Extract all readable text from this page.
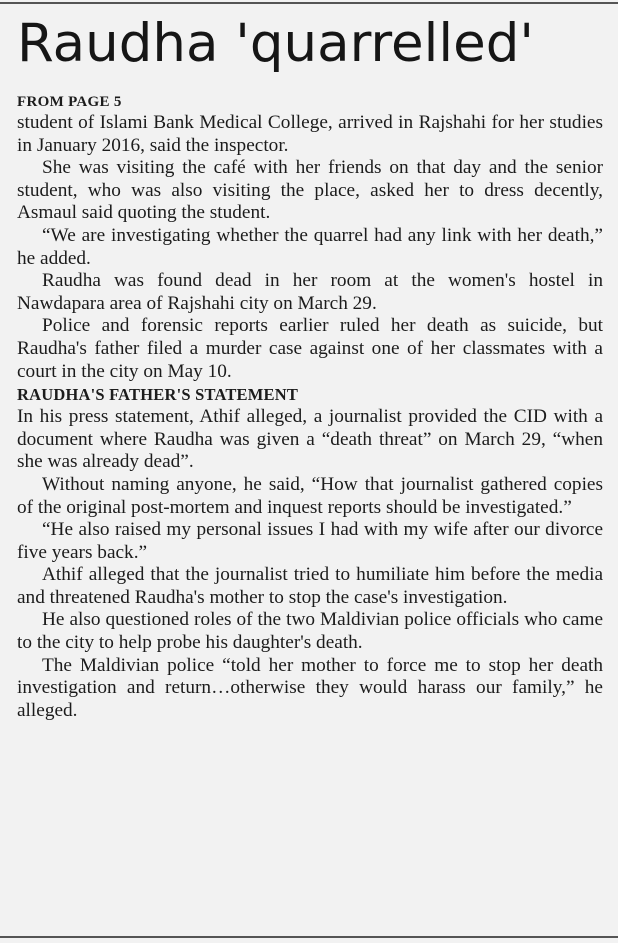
Raudha 'quarrelled'

FROM PAGE 5

student of Islami Bank Medical College, arrived in Rajshahi for her studies in January 2016, said the inspector.

She was visiting the café with her friends on that day and the senior student, who was also visiting the place, asked her to dress decently, Asmaul said quoting the student.

“We are investigating whether the quarrel had any link with her death,” he added.

Raudha was found dead in her room at the women's hostel in Nawdapara area of Rajshahi city on March 29.

Police and forensic reports earlier ruled her death as suicide, but Raudha's father filed a murder case against one of her classmates with a court in the city on May 10.

RAUDHA'S FATHER'S STATEMENT

In his press statement, Athif alleged, a journalist provided the CID with a document where Raudha was given a “death threat” on March 29, “when she was already dead”.

Without naming anyone, he said, “How that journalist gathered copies of the original post-mortem and inquest reports should be investigated.”

“He also raised my personal issues I had with my wife after our divorce five years back.”

Athif alleged that the journalist tried to humiliate him before the media and threatened Raudha's mother to stop the case's investigation.

He also questioned roles of the two Maldivian police officials who came to the city to help probe his daughter's death.

The Maldivian police “told her mother to force me to stop her death investigation and return…otherwise they would harass our family,” he alleged.
